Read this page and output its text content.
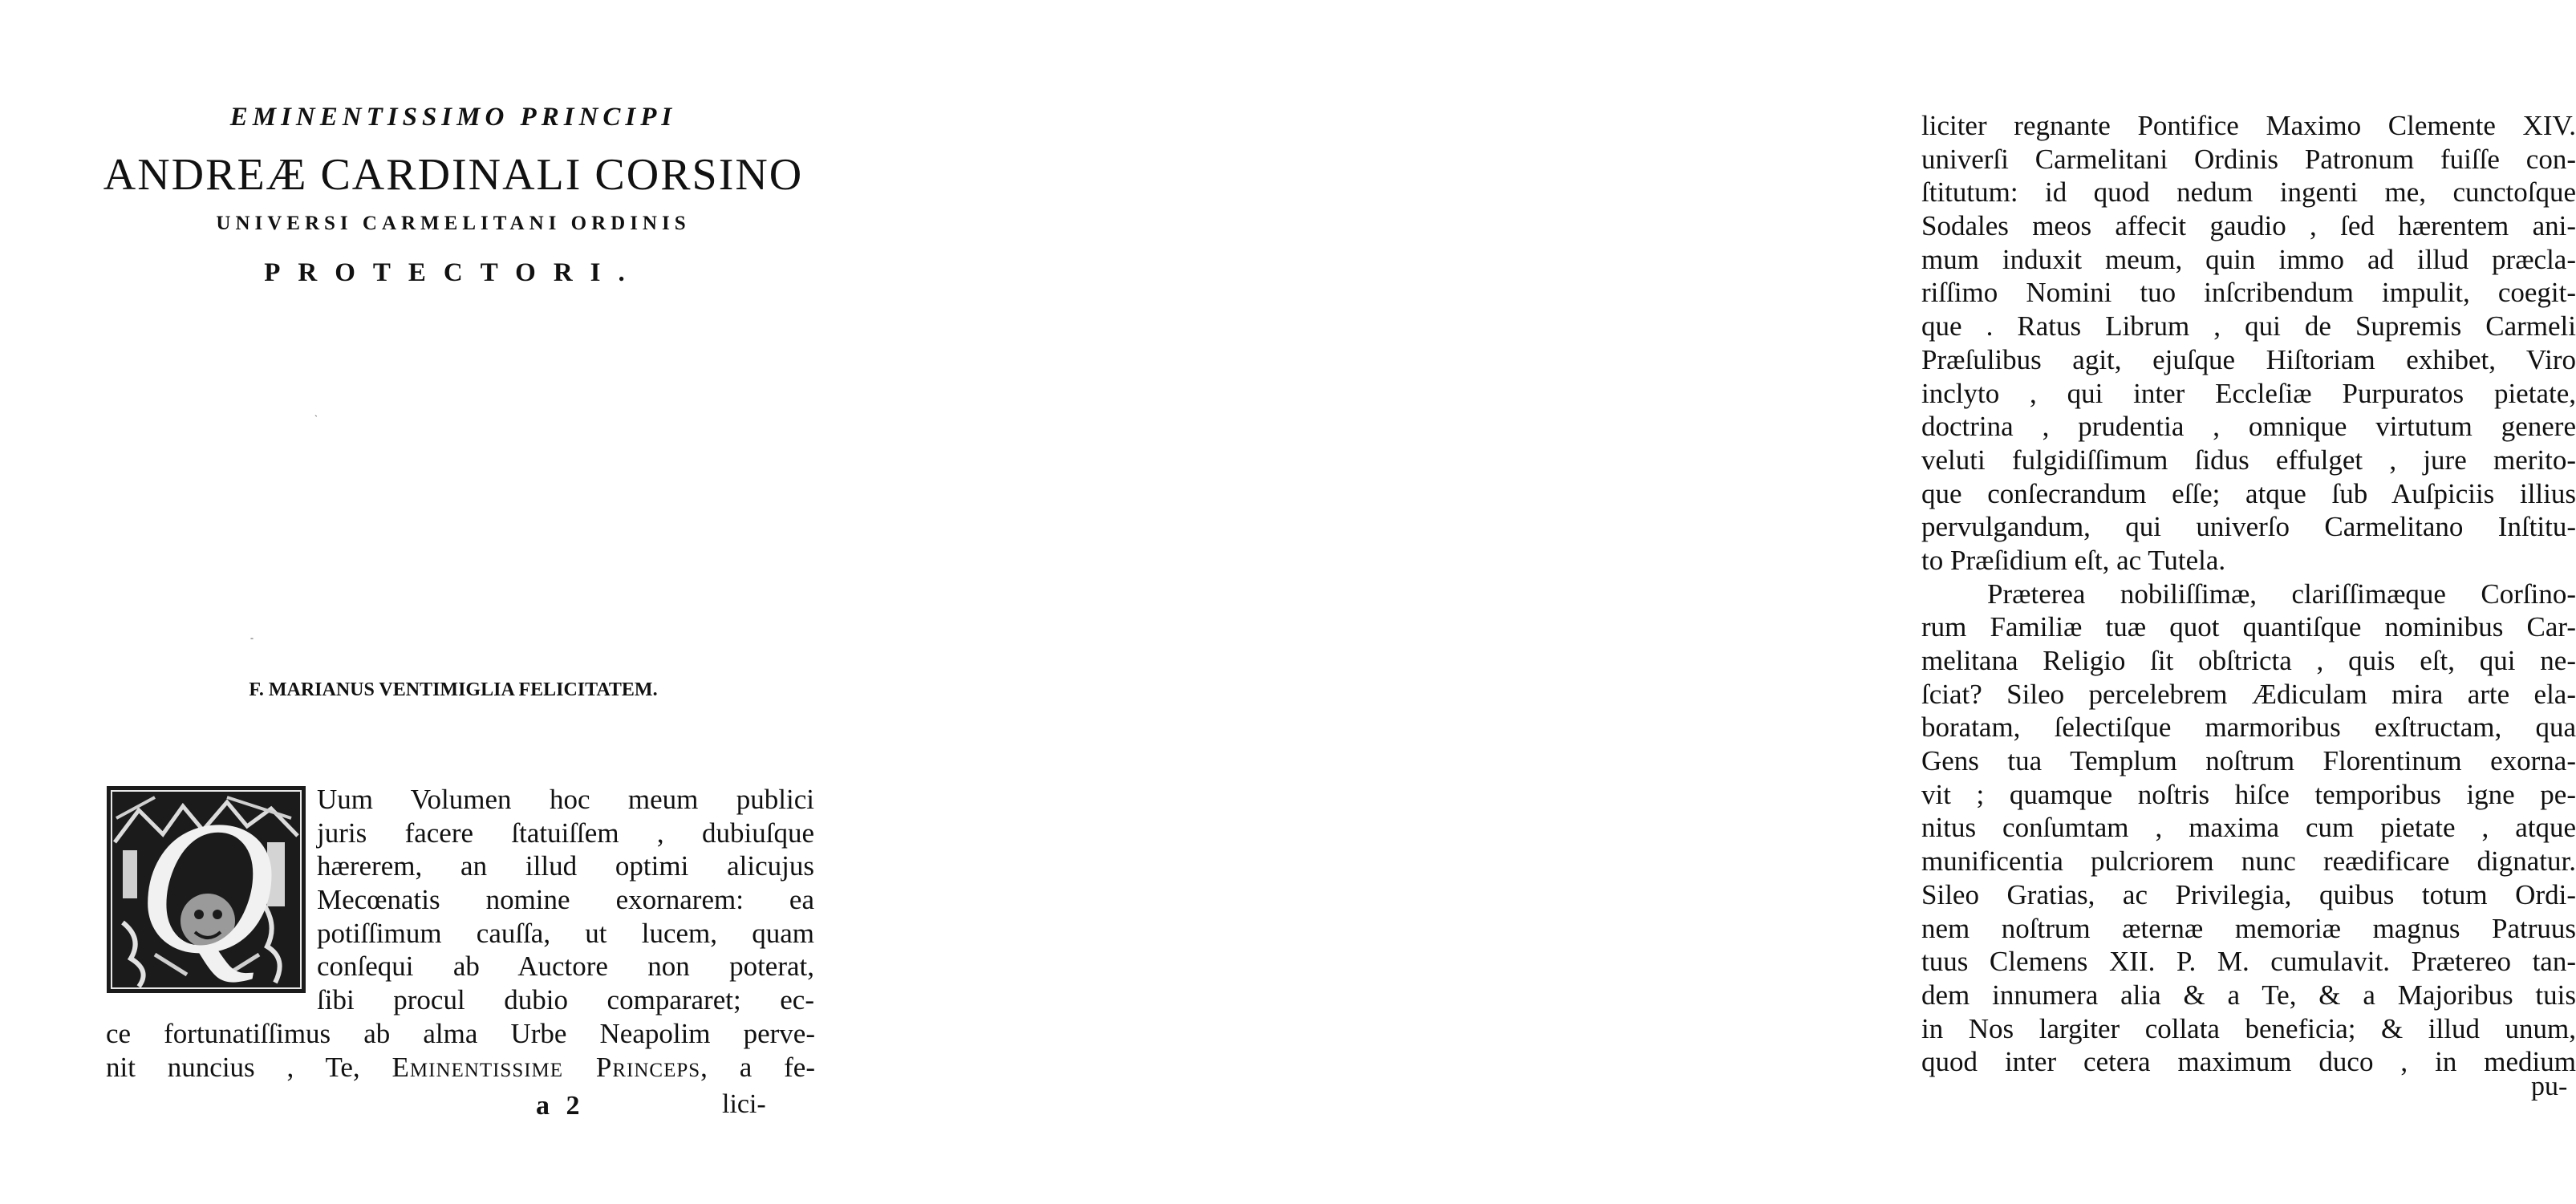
EMINENTISSIMO PRINCIPI
ANDREÆ CARDINALI CORSINO
UNIVERSI CARMELITANI ORDINIS
PROTECTORI.
ˋ
-
F. MARIANUS VENTIMIGLIA FELICITATEM.
Q	Uum Volumen hoc meum publici
juris facere ſtatuiſſem , dubiuſque
hærerem, an illud optimi alicujus
Mecœnatis nomine exornarem: ea
potiſſimum cauſſa, ut lucem, quam
conſequi ab Auctore non poterat,
ſibi procul dubio compararet; ec-
ce fortunatiſſimus ab alma Urbe Neapolim perve-
nit nuncius , Te, Eminentissime Princeps, a fe-
a 2	lici-
liciter regnante Pontifice Maximo Clemente XIV.
univerſi Carmelitani Ordinis Patronum fuiſſe con-
ſtitutum: id quod nedum ingenti me, cunctoſque
Sodales meos affecit gaudio , ſed hærentem ani-
mum induxit meum, quin immo ad illud præcla-
riſſimo Nomini tuo inſcribendum impulit, coegit-
que . Ratus Librum , qui de Supremis Carmeli
Præſulibus agit, ejuſque Hiſtoriam exhibet, Viro
inclyto , qui inter Eccleſiæ Purpuratos pietate,
doctrina , prudentia , omnique virtutum genere
veluti fulgidiſſimum ſidus effulget , jure merito-
que conſecrandum eſſe; atque ſub Auſpiciis illius
pervulgandum, qui univerſo Carmelitano Inſtitu-
to Præſidium eſt, ac Tutela.
Præterea nobiliſſimæ, clariſſimæque Corſino-
rum Familiæ tuæ quot quantiſque nominibus Car-
melitana Religio ſit obſtricta , quis eſt, qui ne-
ſciat? Sileo percelebrem Ædiculam mira arte ela-
boratam, ſelectiſque marmoribus exſtructam, qua
Gens tua Templum noſtrum Florentinum exorna-
vit ; quamque noſtris hiſce temporibus igne pe-
nitus conſumtam , maxima cum pietate , atque
munificentia pulcriorem nunc reædificare dignatur.
Sileo Gratias, ac Privilegia, quibus totum Ordi-
nem noſtrum æternæ memoriæ magnus Patruus
tuus Clemens XII. P. M. cumulavit. Prætereo tan-
dem innumera alia & a Te, & a Majoribus tuis
in Nos largiter collata beneficia; & illud unum,
quod inter cetera maximum duco , in medium
pu-
